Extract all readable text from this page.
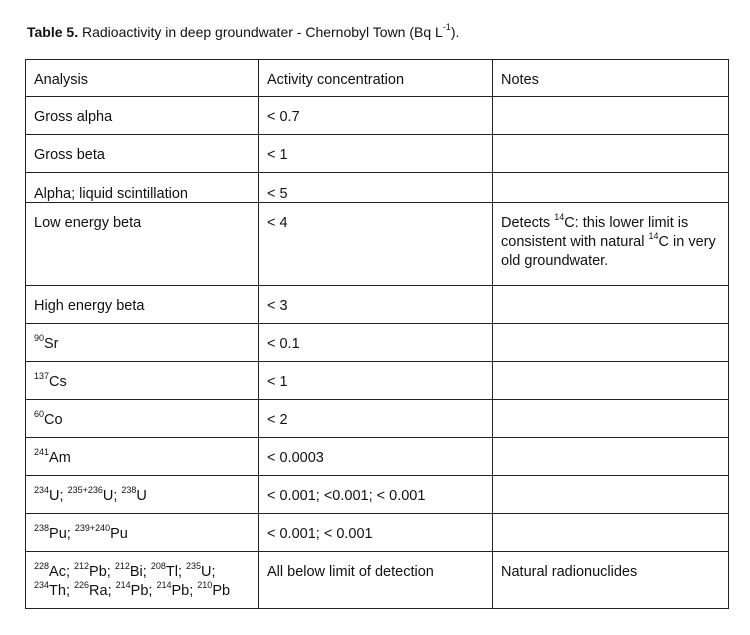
Table 5. Radioactivity in deep groundwater - Chernobyl Town (Bq $L^{-1}$).
Analysis	Activity concentration	Notes
Gross alpha	< 0.7	
Gross beta	< 1	

Alpha; liquid scintillation	< 5	

Low energy beta	< 4	Detects $^{14}$C: this lower limit is consistent with natural $^{14}$C in very old groundwater.
High energy beta	< 3	
$^{90}$Sr	< 0.1	
$^{137}$Cs	< 1	
$^{60}$Co	< 2	
$^{241}$Am	< 0.0003	
$^{234}$U; $^{235+236}$U; $^{238}$U	< 0.001; <0.001; < 0.001	
$^{238}$Pu; $^{239+240}$Pu	< 0.001; < 0.001	
$^{228}$Ac; $^{212}$Pb; $^{212}$Bi; $^{208}$Tl; $^{235}$U;
$^{234}$Th; $^{226}$Ra; $^{214}$Pb; $^{214}$Pb; $^{210}$Pb	All below limit of detection	Natural radionuclides
